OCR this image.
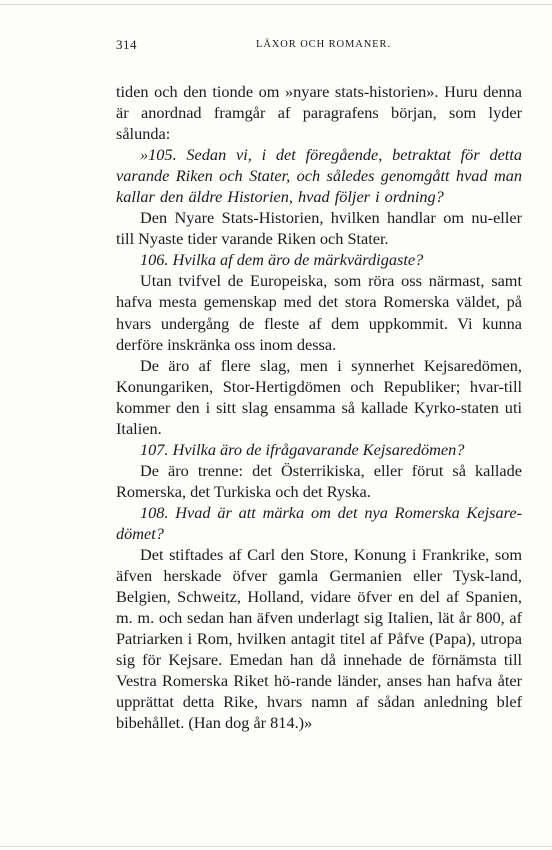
314	LÄXOR OCH ROMANER.

tiden och den tionde om »nyare stats-historien». Huru denna är anordnad framgår af paragrafens början, som lyder sålunda:

»105. Sedan vi, i det föregående, betraktat för detta varande Riken och Stater, och således genomgått hvad man kallar den äldre Historien, hvad följer i ordning?

Den Nyare Stats-Historien, hvilken handlar om nu-eller till Nyaste tider varande Riken och Stater.

106. Hvilka af dem äro de märkvärdigaste?

Utan tvifvel de Europeiska, som röra oss närmast, samt hafva mesta gemenskap med det stora Romerska väldet, på hvars undergång de fleste af dem uppkommit. Vi kunna derföre inskränka oss inom dessa.

De äro af flere slag, men i synnerhet Kejsaredömen, Konungariken, Stor-Hertigdömen och Republiker; hvar-till kommer den i sitt slag ensamma så kallade Kyrko-staten uti Italien.

107. Hvilka äro de ifrågavarande Kejsaredömen?

De äro trenne: det Österrikiska, eller förut så kallade Romerska, det Turkiska och det Ryska.

108. Hvad är att märka om det nya Romerska Kejsare-dömet?

Det stiftades af Carl den Store, Konung i Frankrike, som äfven herskade öfver gamla Germanien eller Tysk-land, Belgien, Schweitz, Holland, vidare öfver en del af Spanien, m. m. och sedan han äfven underlagt sig Italien, lät år 800, af Patriarken i Rom, hvilken antagit titel af Påfve (Papa), utropa sig för Kejsare. Emedan han då innehade de förnämsta till Vestra Romerska Riket hö-rande länder, anses han hafva åter upprättat detta Rike, hvars namn af sådan anledning blef bibehållet. (Han dog år 814.)»
